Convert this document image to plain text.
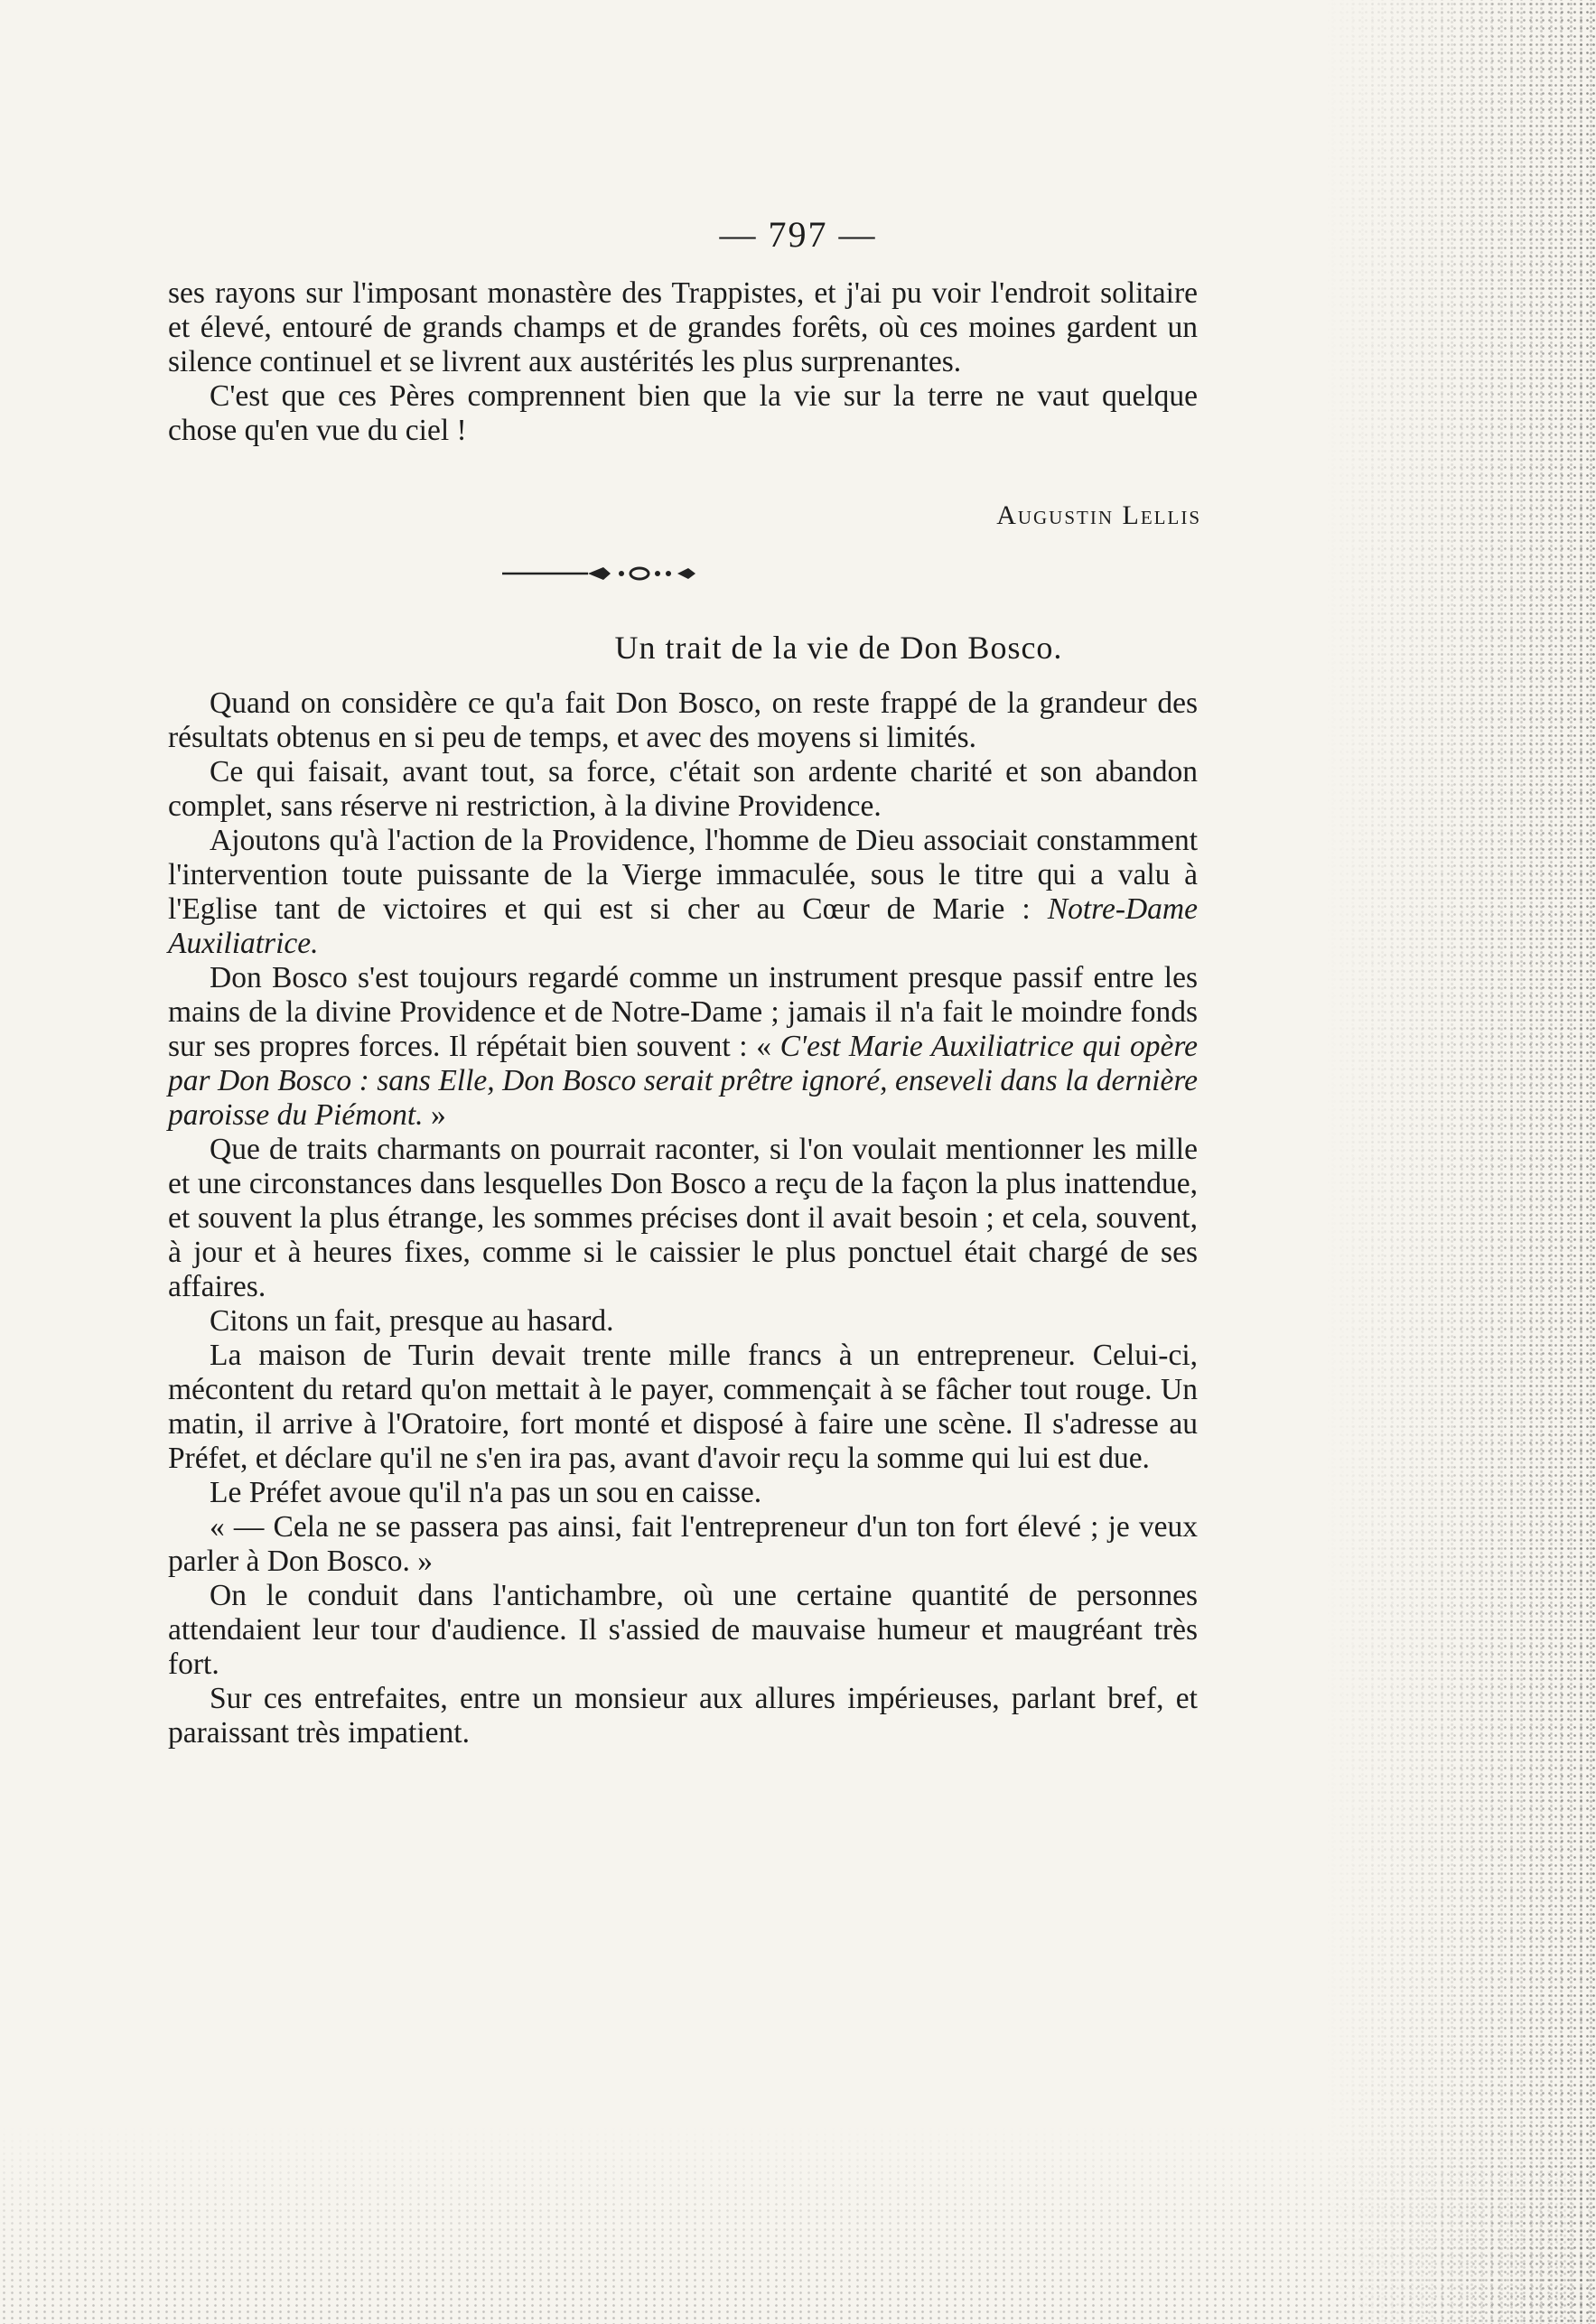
— 797 —

ses rayons sur l'imposant monastère des Trappistes, et j'ai pu voir l'endroit solitaire et élevé, entouré de grands champs et de grandes forêts, où ces moines gardent un silence continuel et se livrent aux austérités les plus surprenantes.

C'est que ces Pères comprennent bien que la vie sur la terre ne vaut quelque chose qu'en vue du ciel !

Augustin Lellis
Un trait de la vie de Don Bosco.

Quand on considère ce qu'a fait Don Bosco, on reste frappé de la grandeur des résultats obtenus en si peu de temps, et avec des moyens si limités.

Ce qui faisait, avant tout, sa force, c'était son ardente charité et son abandon complet, sans réserve ni restriction, à la divine Providence.

Ajoutons qu'à l'action de la Providence, l'homme de Dieu associait constamment l'intervention toute puissante de la Vierge immaculée, sous le titre qui a valu à l'Eglise tant de victoires et qui est si cher au Cœur de Marie : Notre-Dame Auxiliatrice.

Don Bosco s'est toujours regardé comme un instrument presque passif entre les mains de la divine Providence et de Notre-Dame ; jamais il n'a fait le moindre fonds sur ses propres forces. Il répétait bien souvent : « C'est Marie Auxiliatrice qui opère par Don Bosco : sans Elle, Don Bosco serait prêtre ignoré, enseveli dans la dernière paroisse du Piémont. »

Que de traits charmants on pourrait raconter, si l'on voulait mentionner les mille et une circonstances dans lesquelles Don Bosco a reçu de la façon la plus inattendue, et souvent la plus étrange, les sommes précises dont il avait besoin ; et cela, souvent, à jour et à heures fixes, comme si le caissier le plus ponctuel était chargé de ses affaires.

Citons un fait, presque au hasard.

La maison de Turin devait trente mille francs à un entrepreneur. Celui-ci, mécontent du retard qu'on mettait à le payer, commençait à se fâcher tout rouge. Un matin, il arrive à l'Oratoire, fort monté et disposé à faire une scène. Il s'adresse au Préfet, et déclare qu'il ne s'en ira pas, avant d'avoir reçu la somme qui lui est due.

Le Préfet avoue qu'il n'a pas un sou en caisse.

« — Cela ne se passera pas ainsi, fait l'entrepreneur d'un ton fort élevé ; je veux parler à Don Bosco. »

On le conduit dans l'antichambre, où une certaine quantité de personnes attendaient leur tour d'audience. Il s'assied de mauvaise humeur et maugréant très fort.

Sur ces entrefaites, entre un monsieur aux allures impérieuses, parlant bref, et paraissant très impatient.
